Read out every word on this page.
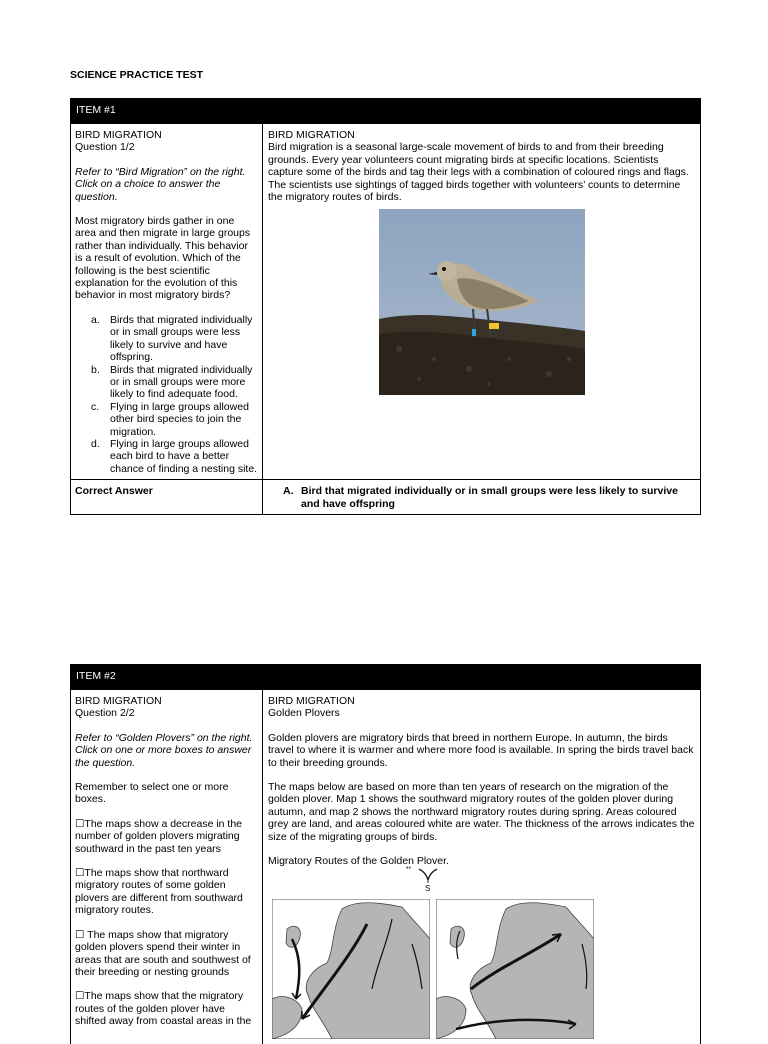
SCIENCE PRACTICE TEST
ITEM #1
BIRD MIGRATION
Question 1/2
Refer to “Bird Migration” on the right. Click on a choice to answer the question.
Most migratory birds gather in one area and then migrate in large groups rather than individually. This behavior is a result of evolution. Which of the following is the best scientific explanation for the evolution of this behavior in most migratory birds?
a. Birds that migrated individually or in small groups were less likely to survive and have offspring.
b. Birds that migrated individually or in small groups were more likely to find adequate food.
c.	Flying in large groups allowed other bird species to join the migration.
d. Flying in large groups allowed each bird to have a better chance of finding a nesting site.
BIRD MIGRATION
Bird migration is a seasonal large-scale movement of birds to and from their breeding grounds. Every year volunteers count migrating birds at specific locations. Scientists capture some of the birds and tag their legs with a combination of coloured rings and flags. The scientists use sightings of tagged birds together with volunteers’ counts to determine the migratory routes of birds.
Correct Answer	A. Bird that migrated individually or in small groups were less likely to survive and have offspring
ITEM #2
BIRD MIGRATION
Question 2/2
Refer to “Golden Plovers” on the right. Click on one or more boxes to answer the question.
Remember to select one or more boxes.
☐The maps show a decrease in the number of golden plovers migrating southward in the past ten years
☐The maps show that northward migratory routes of some golden plovers are different from southward migratory routes.
☐ The maps show that migratory golden plovers spend their winter in areas that are south and southwest of their breeding or nesting grounds
☐The maps show that the migratory routes of the golden plover have shifted away from coastal areas in the
BIRD MIGRATION
Golden Plovers
Golden plovers are migratory birds that breed in northern Europe. In autumn, the birds travel to where it is warmer and where more food is available. In spring the birds travel back to their breeding grounds.
The maps below are based on more than ten years of research on the migration of the golden plover. Map 1 shows the southward migratory routes of the golden plover during autumn, and map 2 shows the northward migratory routes during spring. Areas coloured grey are land, and areas coloured white are water. The thickness of the arrows indicates the size of the migrating groups of birds.
Migratory Routes of the Golden Plover.
••
S
